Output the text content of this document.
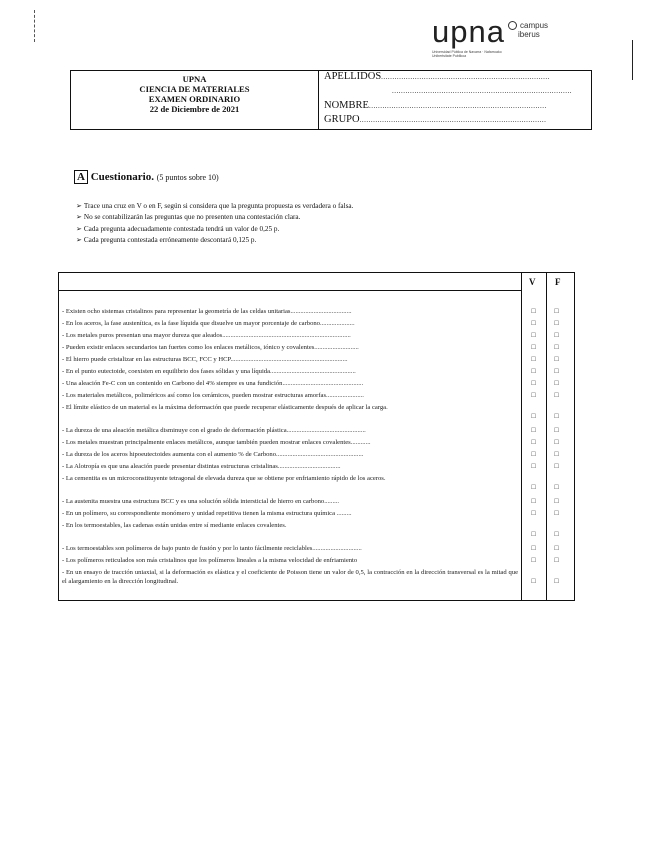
upna
Universidad Pública de Navarra · Nafarroako Unibertsitate Publikoa
campus
iberus
UPNA
CIENCIA DE MATERIALES
EXAMEN ORDINARIO
22 de Diciembre de 2021
APELLIDOS...........................................................................
................................................................................
NOMBRE...............................................................................
GRUPO...................................................................................
A Cuestionario. (5 puntos sobre 10)
➢ Trace una cruz en V o en F, según si considera que la pregunta propuesta es verdadera o falsa.
➢ No se contabilizarán las preguntas que no presenten una contestación clara.
➢ Cada pregunta adecuadamente contestada tendrá un valor de 0,25 p.
➢ Cada pregunta contestada erróneamente descontará 0,125 p.
V F
- Existen ocho sistemas cristalinos para representar la geometría de las celdas unitarias.....................................	□	□
- En los aceros, la fase austenítica, es la fase líquida que disuelve un mayor porcentaje de carbono.....................	□	□
- Los metales puros presentan una mayor dureza que aleados..............................................................................	□	□
- Pueden existir enlaces secundarios tan fuertes como los enlaces metálicos, iónico y covalentes...........................	□	□
- El hierro puede cristalizar en las estructuras BCC, FCC y HCP.......................................................................	□	□
- En el punto eutectoide, coexisten en equilibrio dos fases sólidas y una líquida....................................................	□	□
- Una aleación Fe-C con un contenido en Carbono del 4% siempre es una fundición.................................................	□	□
- Los materiales metálicos, poliméricos así como los cerámicos, pueden mostrar estructuras amorfas.......................	□	□
- El límite elástico de un material es la máxima deformación que puede recuperar elásticamente después de aplicar la carga.
□	□
- La dureza de una aleación metálica disminuye con el grado de deformación plástica................................................	□	□
- Los metales muestran principalmente enlaces metálicos, aunque también pueden mostrar enlaces covalentes............	□	□
- La dureza de los aceros hipoeutectoides aumenta con el aumento % de Carbono.....................................................	□	□
- La Alotropía es que una aleación puede presentar distintas estructuras cristalinas......................................	□	□
- La cementita es un microconstituyente tetragonal de elevada dureza que se obtiene por enfriamiento rápido de los aceros.
□	□
- La austenita muestra una estructura BCC y es una solución sólida intersticial de hierro en carbono.........	□	□
- En un polímero, su correspondiente monómero y unidad repetitiva tienen la misma estructura química .........	□	□
- En los termoestables, las cadenas están unidas entre sí mediante enlaces covalentes.
□	□
- Los termoestables son polímeros de bajo punto de fusión y por lo tanto fácilmente reciclables..............................	□	□
- Los polímeros reticulados son más cristalinos que los polímeros lineales a la misma velocidad de enfriamiento	□	□
- En un ensayo de tracción uniaxial, si la deformación es elástica y el coeficiente de Poisson tiene un valor de 0,5, la contracción en la dirección transversal es la mitad que el alargamiento en la dirección longitudinal.	□	□
